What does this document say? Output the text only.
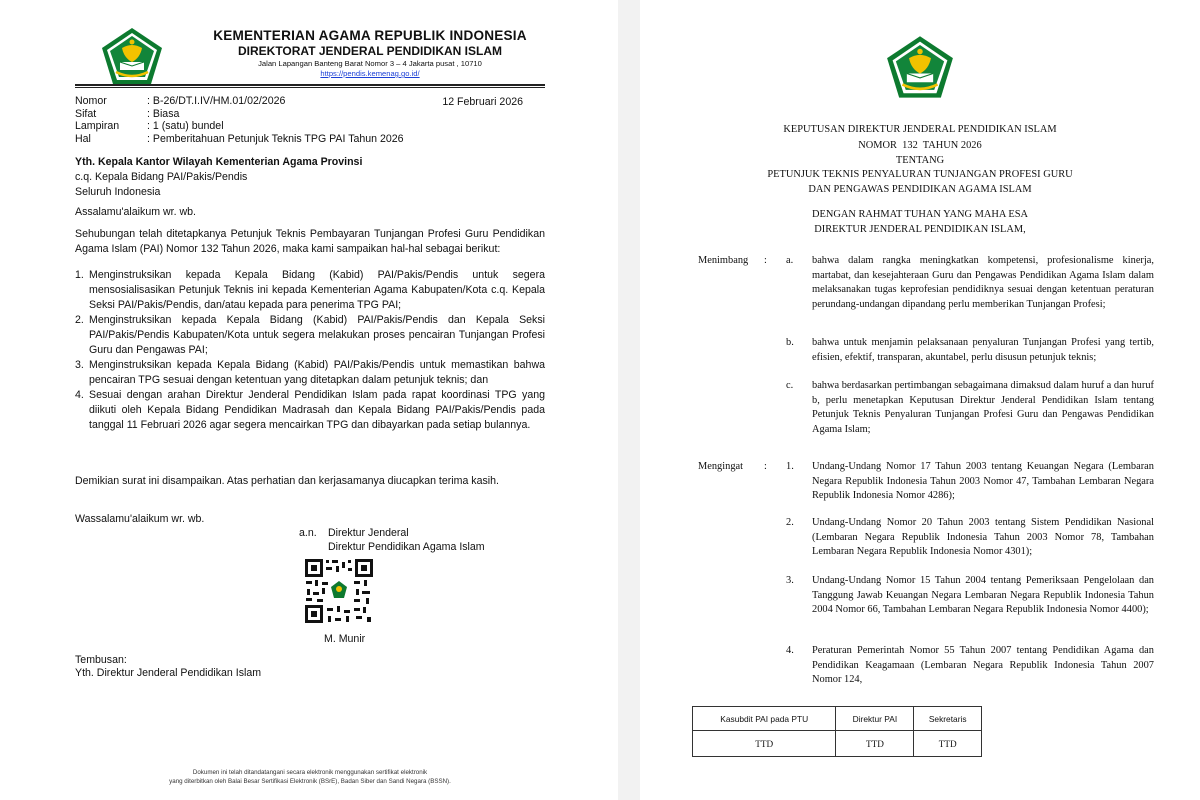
KEMENTERIAN AGAMA REPUBLIK INDONESIA
DIREKTORAT JENDERAL PENDIDIKAN ISLAM
Jalan Lapangan Banteng Barat Nomor 3 – 4 Jakarta pusat , 10710
https://pendis.kemenag.go.id/
Nomor	: B-26/DT.I.IV/HM.01/02/2026	12 Februari 2026
Sifat	: Biasa
Lampiran	: 1 (satu) bundel
Hal	: Pemberitahuan Petunjuk Teknis TPG PAI Tahun 2026
Yth. Kepala Kantor Wilayah Kementerian Agama Provinsi
c.q. Kepala Bidang PAI/Pakis/Pendis
Seluruh Indonesia
Assalamu'alaikum wr. wb.
Sehubungan telah ditetapkanya Petunjuk Teknis Pembayaran Tunjangan Profesi Guru Pendidikan Agama Islam (PAI) Nomor 132 Tahun 2026, maka kami sampaikan hal-hal sebagai berikut:
1. Menginstruksikan kepada Kepala Bidang (Kabid) PAI/Pakis/Pendis untuk segera mensosialisasikan Petunjuk Teknis ini kepada Kementerian Agama Kabupaten/Kota c.q. Kepala Seksi PAI/Pakis/Pendis, dan/atau kepada para penerima TPG PAI;
2. Menginstruksikan kepada Kepala Bidang (Kabid) PAI/Pakis/Pendis dan Kepala Seksi PAI/Pakis/Pendis Kabupaten/Kota untuk segera melakukan proses pencairan Tunjangan Profesi Guru dan Pengawas PAI;
3. Menginstruksikan kepada Kepala Bidang (Kabid) PAI/Pakis/Pendis untuk memastikan bahwa pencairan TPG sesuai dengan ketentuan yang ditetapkan dalam petunjuk teknis; dan
4. Sesuai dengan arahan Direktur Jenderal Pendidikan Islam pada rapat koordinasi TPG yang diikuti oleh Kepala Bidang Pendidikan Madrasah dan Kepala Bidang PAI/Pakis/Pendis pada tanggal 11 Februari 2026 agar segera mencairkan TPG dan dibayarkan pada setiap bulannya.
Demikian surat ini disampaikan. Atas perhatian dan kerjasamanya diucapkan terima kasih.
Wassalamu'alaikum wr. wb.
a.n. Direktur Jenderal
Direktur Pendidikan Agama Islam
M. Munir
Tembusan:
Yth. Direktur Jenderal Pendidikan Islam
Dokumen ini telah ditandatangani secara elektronik menggunakan sertifikat elektronik
yang diterbitkan oleh Balai Besar Sertifikasi Elektronik (BSrE), Badan Siber dan Sandi Negara (BSSN).
KEPUTUSAN DIREKTUR JENDERAL PENDIDIKAN ISLAM
NOMOR 132 TAHUN 2026
TENTANG
PETUNJUK TEKNIS PENYALURAN TUNJANGAN PROFESI GURU
DAN PENGAWAS PENDIDIKAN AGAMA ISLAM
DENGAN RAHMAT TUHAN YANG MAHA ESA
DIREKTUR JENDERAL PENDIDIKAN ISLAM,
Menimbang : a. bahwa dalam rangka meningkatkan kompetensi, profesionalisme kinerja, martabat, dan kesejahteraan Guru dan Pengawas Pendidikan Agama Islam dalam melaksanakan tugas keprofesian pendidiknya sesuai dengan ketentuan peraturan perundang-undangan dipandang perlu memberikan Tunjangan Profesi;
b. bahwa untuk menjamin pelaksanaan penyaluran Tunjangan Profesi yang tertib, efisien, efektif, transparan, akuntabel, perlu disusun petunjuk teknis;
c. bahwa berdasarkan pertimbangan sebagaimana dimaksud dalam huruf a dan huruf b, perlu menetapkan Keputusan Direktur Jenderal Pendidikan Islam tentang Petunjuk Teknis Penyaluran Tunjangan Profesi Guru dan Pengawas Pendidikan Agama Islam;
Mengingat : 1. Undang-Undang Nomor 17 Tahun 2003 tentang Keuangan Negara (Lembaran Negara Republik Indonesia Tahun 2003 Nomor 47, Tambahan Lembaran Negara Republik Indonesia Nomor 4286);
2. Undang-Undang Nomor 20 Tahun 2003 tentang Sistem Pendidikan Nasional (Lembaran Negara Republik Indonesia Tahun 2003 Nomor 78, Tambahan Lembaran Negara Republik Indonesia Nomor 4301);
3. Undang-Undang Nomor 15 Tahun 2004 tentang Pemeriksaan Pengelolaan dan Tanggung Jawab Keuangan Negara Lembaran Negara Republik Indonesia Tahun 2004 Nomor 66, Tambahan Lembaran Negara Republik Indonesia Nomor 4400);
4. Peraturan Pemerintah Nomor 55 Tahun 2007 tentang Pendidikan Agama dan Pendidikan Keagamaan (Lembaran Negara Republik Indonesia Tahun 2007 Nomor 124,
Kasubdit PAI pada PTU	Direktur PAI	Sekretaris
TTD	TTD	TTD
